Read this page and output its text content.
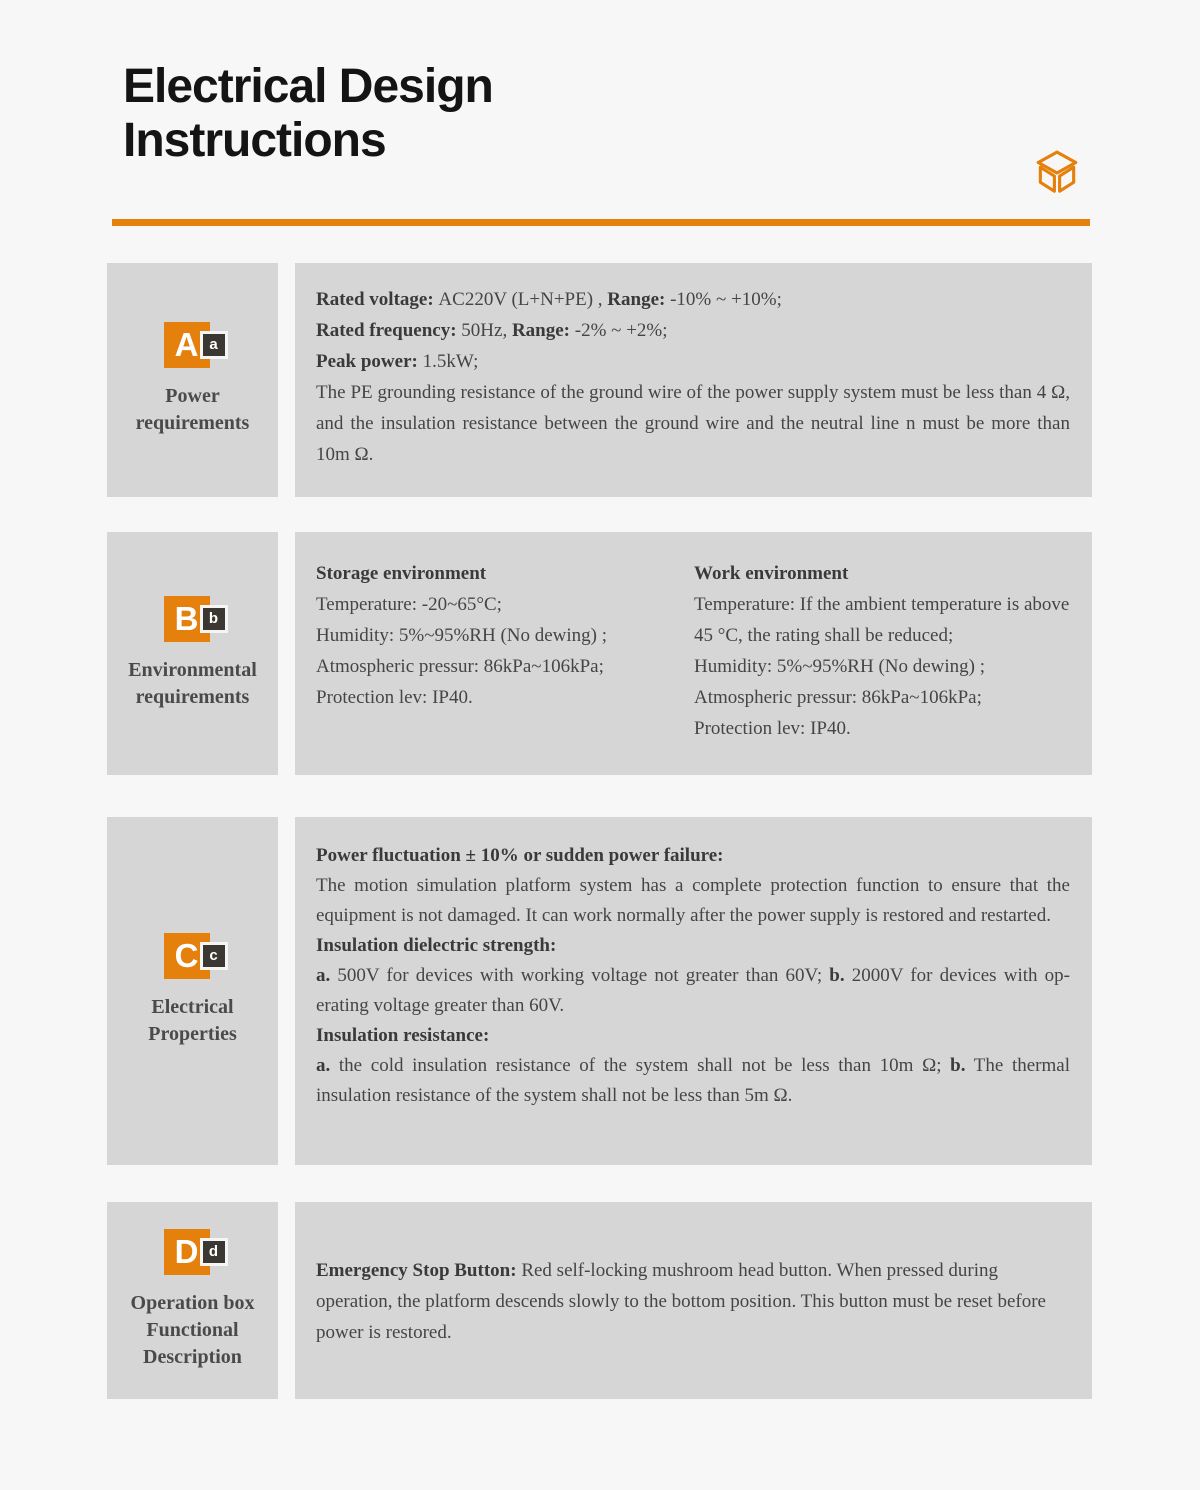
Electrical Design
Instructions
A a
Power requirements

Rated voltage: AC220V (L+N+PE) , Range: -10% ~ +10%;

Rated frequency: 50Hz, Range: -2% ~ +2%;

Peak power: 1.5kW;

The PE grounding resistance of the ground wire of the power supply system must be less than 4 Ω, and the insulation resistance between the ground wire and the neutral line n must be more than 10m Ω.

B b
Environmental requirements

Storage environment

Temperature: -20~65°C;

Humidity: 5%~95%RH (No dewing) ;

Atmospheric pressur: 86kPa~106kPa;

Protection lev: IP40.

Work environment

Temperature: If the ambient temperature is above 45 °C, the rating shall be reduced;

Humidity: 5%~95%RH (No dewing) ;

Atmospheric pressur: 86kPa~106kPa;

Protection lev: IP40.

C c
Electrical Properties

Power fluctuation ± 10% or sudden power failure:

The motion simulation platform system has a complete protection function to ensure that the equipment is not damaged. It can work normally after the power supply is restored and restarted.

Insulation dielectric strength:

a. 500V for devices with working voltage not greater than 60V; b. 2000V for devices with operating voltage greater than 60V.

Insulation resistance:

a. the cold insulation resistance of the system shall not be less than 10m Ω; b. The thermal insulation resistance of the system shall not be less than 5m Ω.

D d
Operation box Functional Description

Emergency Stop Button: Red self-locking mushroom head button. When pressed during operation, the platform descends slowly to the bottom position. This button must be reset before power is restored.
